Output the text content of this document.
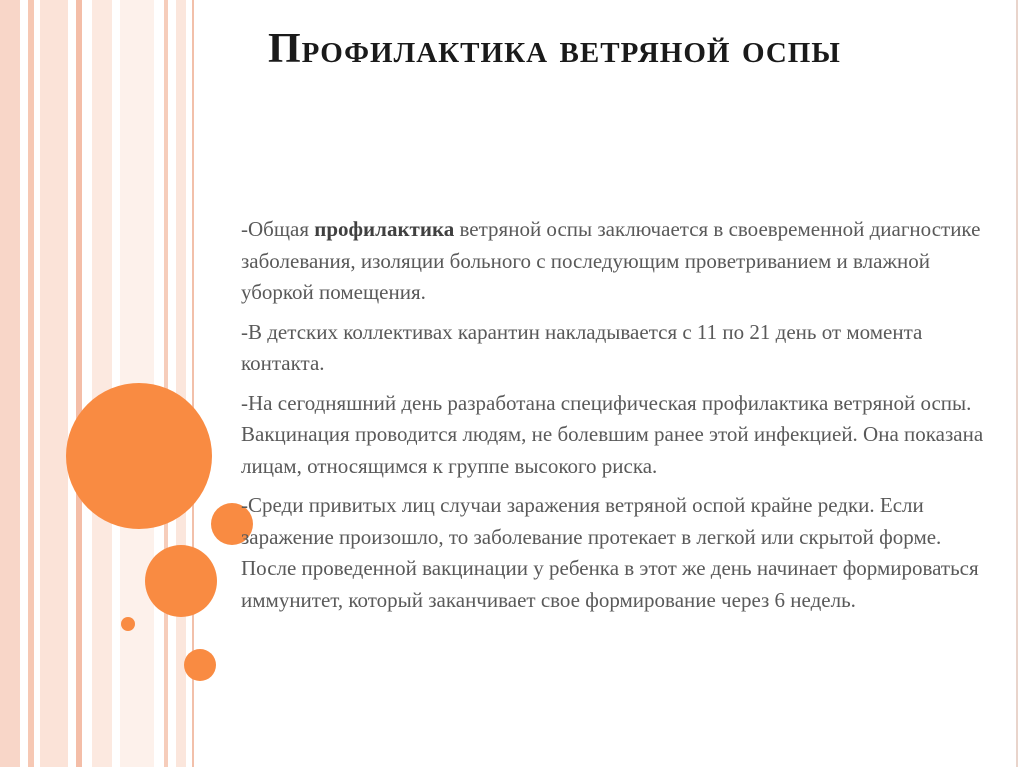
Профилактика ветряной оспы

-Общая профилактика ветряной оспы заключается в своевременной диагностике заболевания, изоляции больного с последующим проветриванием и влажной уборкой помещения.

-В детских коллективах карантин накладывается с 11 по 21 день от момента контакта.

-На сегодняшний день разработана специфическая профилактика ветряной оспы. Вакцинация проводится людям, не болевшим ранее этой инфекцией. Она показана лицам, относящимся к группе высокого риска.

-Среди привитых лиц случаи заражения ветряной оспой крайне редки. Если заражение произошло, то заболевание протекает в легкой или скрытой форме. После проведенной вакцинации у ребенка в этот же день начинает формироваться иммунитет, который заканчивает свое формирование через 6 недель.
